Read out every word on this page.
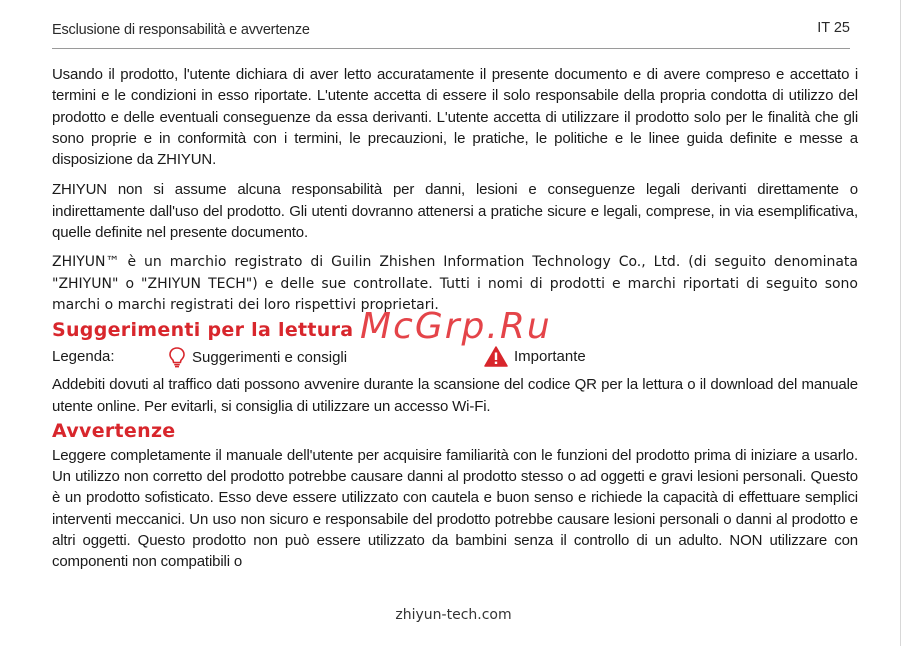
Esclusione di responsabilità e avvertenze	IT 25

Usando il prodotto, l'utente dichiara di aver letto accuratamente il presente documento e di avere compreso e accettato i termini e le condizioni in esso riportate. L'utente accetta di essere il solo responsabile della propria condotta di utilizzo del prodotto e delle eventuali conseguenze da essa derivanti. L'utente accetta di utilizzare il prodotto solo per le finalità che gli sono proprie e in conformità con i termini, le precauzioni, le pratiche, le politiche e le linee guida definite e messe a disposizione da ZHIYUN.

ZHIYUN non si assume alcuna responsabilità per danni, lesioni e conseguenze legali derivanti direttamente o indirettamente dall'uso del prodotto. Gli utenti dovranno attenersi a pratiche sicure e legali, comprese, in via esemplificativa, quelle definite nel presente documento.

ZHIYUN™ è un marchio registrato di Guilin Zhishen Information Technology Co., Ltd. (di seguito denominata "ZHIYUN" o "ZHIYUN TECH") e delle sue controllate. Tutti i nomi di prodotti e marchi riportati di seguito sono marchi o marchi registrati dei loro rispettivi proprietari.

Suggerimenti per la lettura
Legenda:	Suggerimenti e consigli	Importante

Addebiti dovuti al traffico dati possono avvenire durante la scansione del codice QR per la lettura o il download del manuale utente online. Per evitarli, si consiglia di utilizzare un accesso Wi-Fi.

Avvertenze

Leggere completamente il manuale dell'utente per acquisire familiarità con le funzioni del prodotto prima di iniziare a usarlo. Un utilizzo non corretto del prodotto potrebbe causare danni al prodotto stesso o ad oggetti e gravi lesioni personali. Questo è un prodotto sofisticato. Esso deve essere utilizzato con cautela e buon senso e richiede la capacità di effettuare semplici interventi meccanici. Un uso non sicuro e responsabile del prodotto potrebbe causare lesioni personali o danni al prodotto e altri oggetti. Questo prodotto non può essere utilizzato da bambini senza il controllo di un adulto. NON utilizzare con componenti non compatibili o

McGrp.Ru
zhiyun-tech.com
